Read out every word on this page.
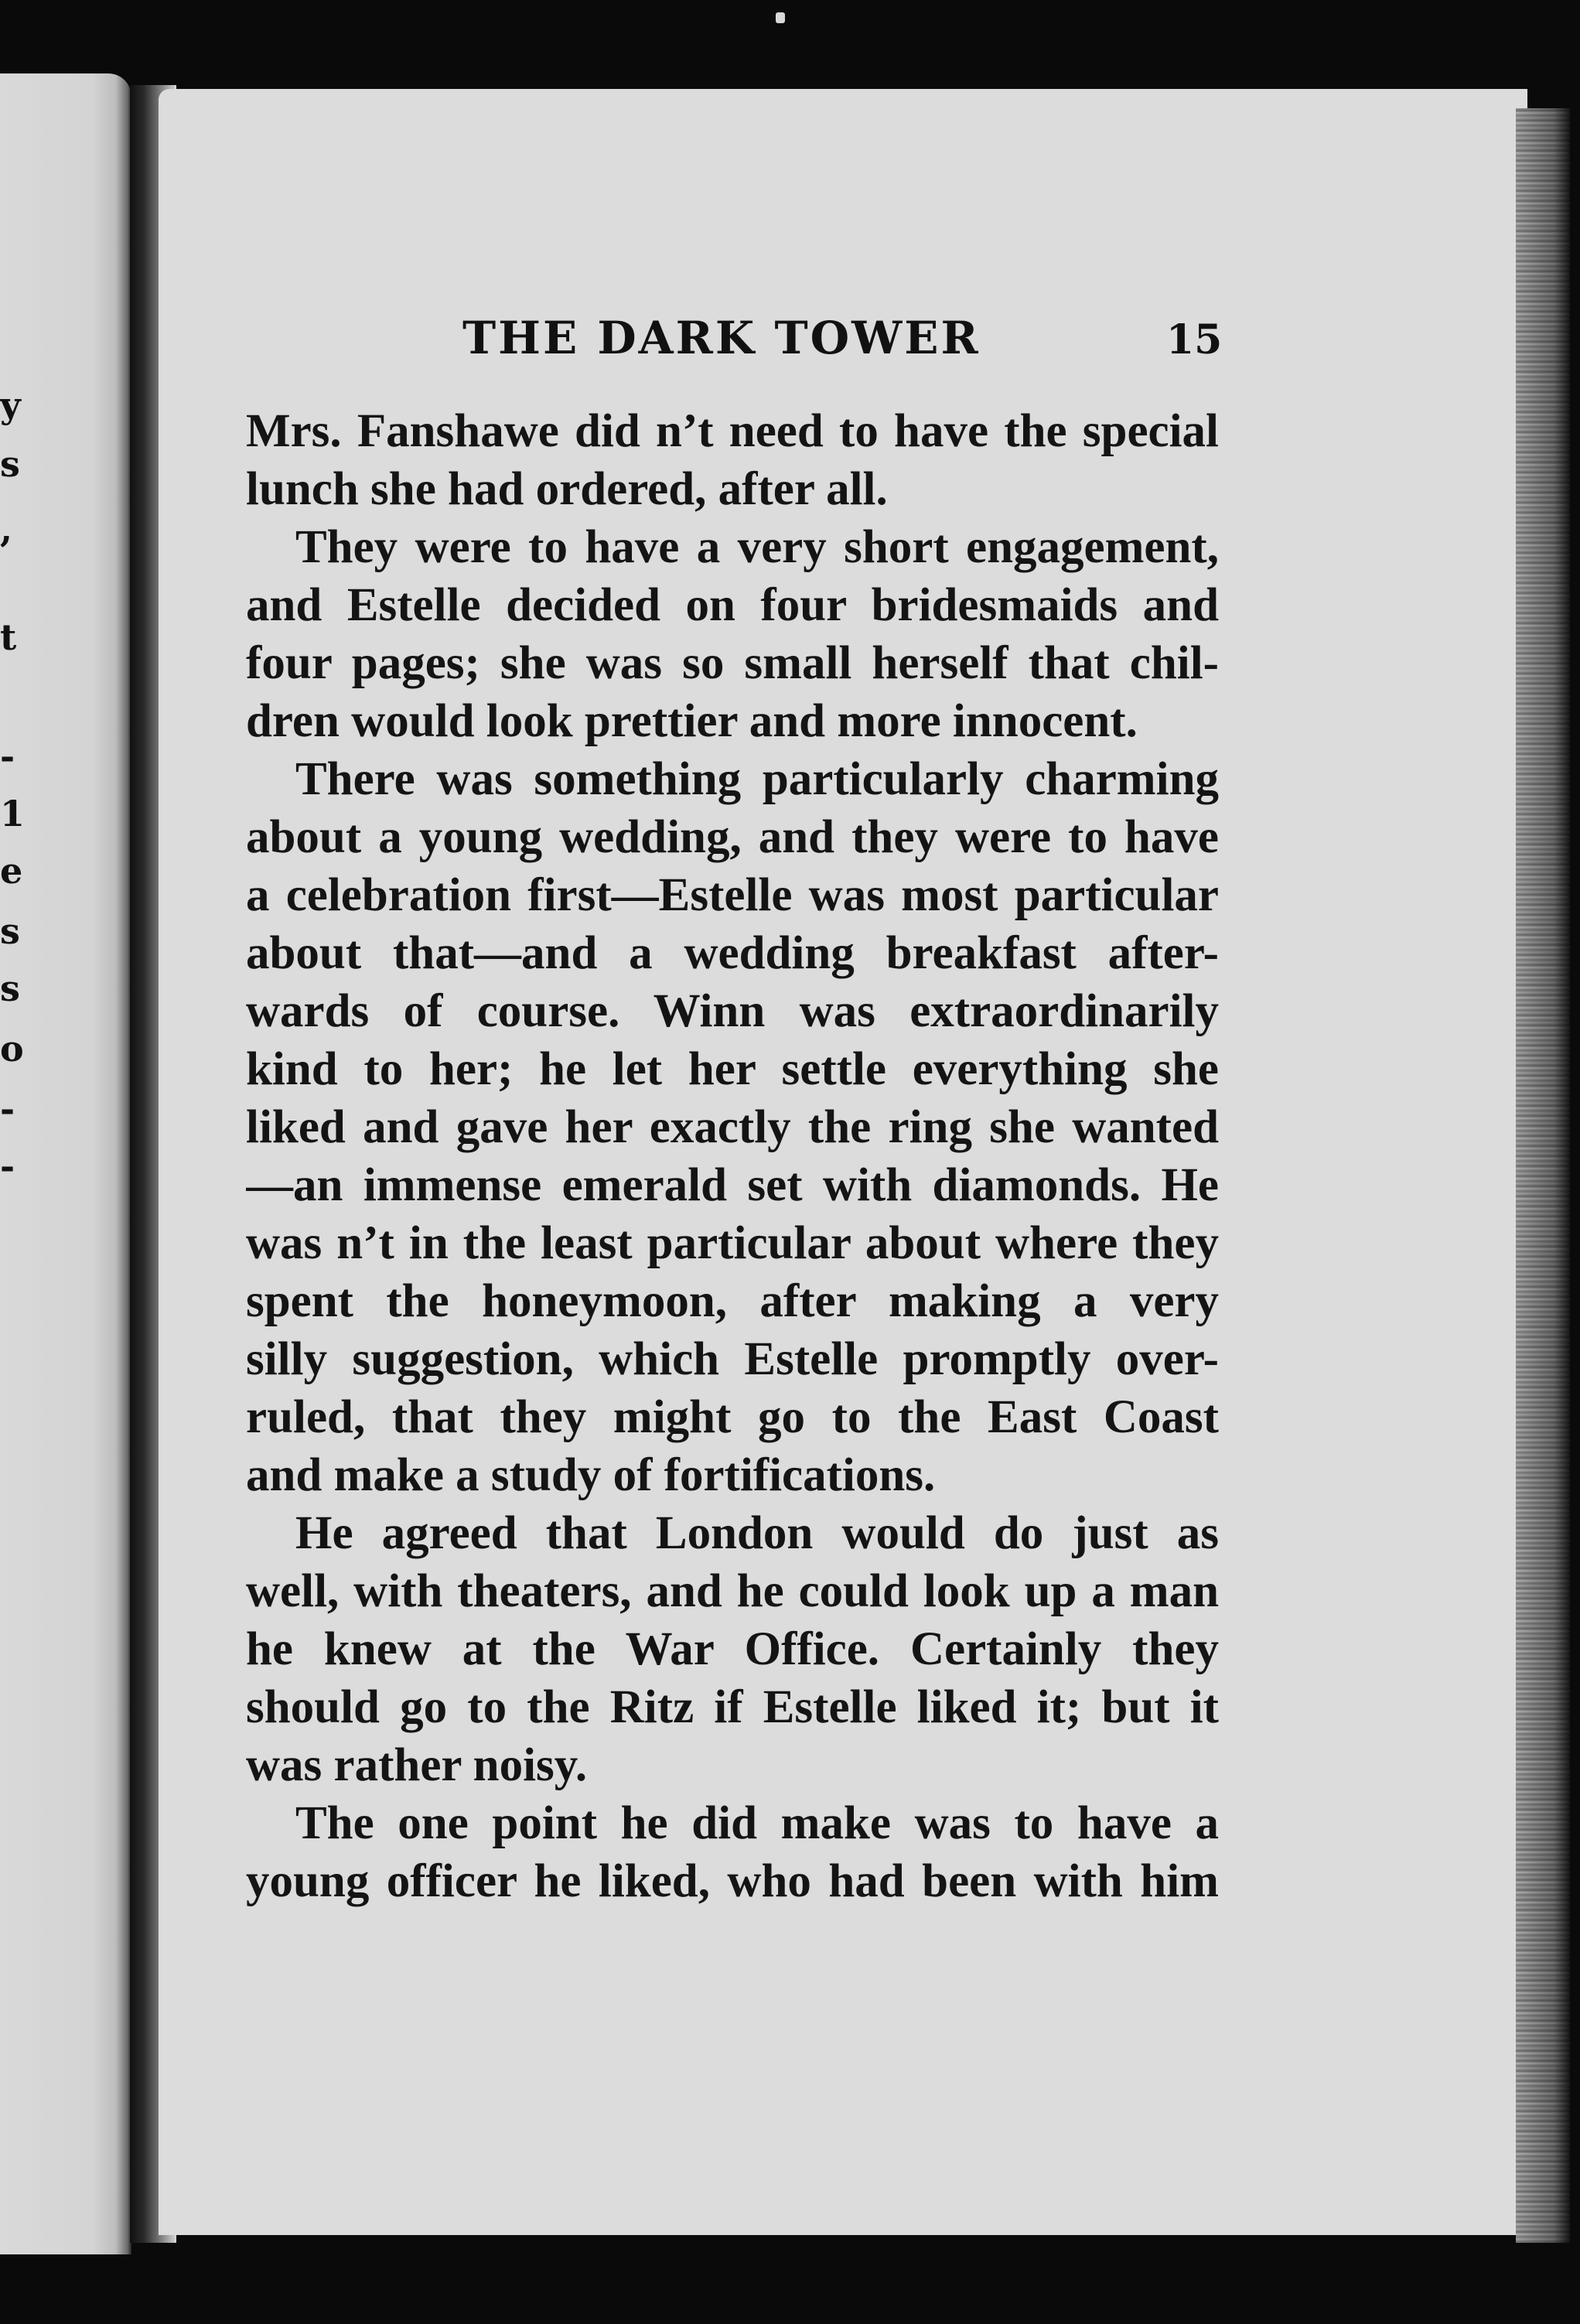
y
s
,
t
-
1
e
s
s
o
-
-
THE DARK TOWER	15
Mrs. Fanshawe did n’t need to have the special
lunch she had ordered, after all.
They were to have a very short engagement,
and Estelle decided on four bridesmaids and
four pages; she was so small herself that chil-
dren would look prettier and more innocent.
There was something particularly charming
about a young wedding, and they were to have
a celebration first—Estelle was most particular
about that—and a wedding breakfast after-
wards of course. Winn was extraordinarily
kind to her; he let her settle everything she
liked and gave her exactly the ring she wanted
—an immense emerald set with diamonds. He
was n’t in the least particular about where they
spent the honeymoon, after making a very
silly suggestion, which Estelle promptly over-
ruled, that they might go to the East Coast
and make a study of fortifications.
He agreed that London would do just as
well, with theaters, and he could look up a man
he knew at the War Office. Certainly they
should go to the Ritz if Estelle liked it; but it
was rather noisy.
The one point he did make was to have a
young officer he liked, who had been with him
